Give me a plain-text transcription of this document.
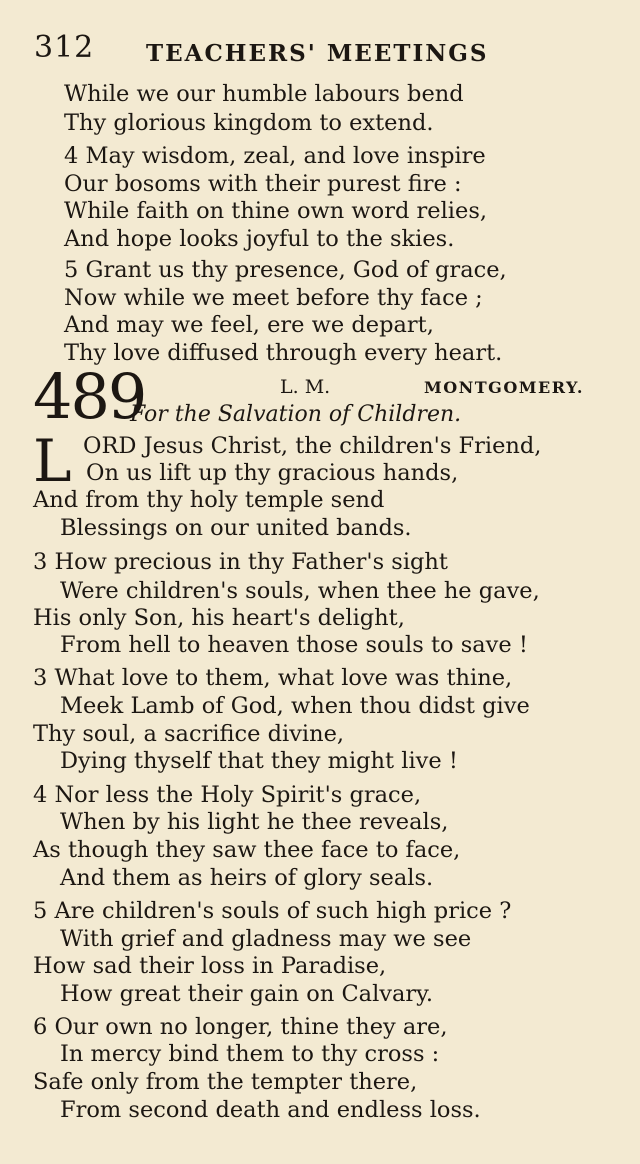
312 TEACHERS' MEETINGS
While we our humble labours bend
Thy glorious kingdom to extend.
4 May wisdom, zeal, and love inspire
Our bosoms with their purest fire :
While faith on thine own word relies,
And hope looks joyful to the skies.
5 Grant us thy presence, God of grace,
Now while we meet before thy face ;
And may we feel, ere we depart,
Thy love diffused through every heart.
489	L. M.	MONTGOMERY.
For the Salvation of Children.
L ORD Jesus Christ, the children's Friend,
On us lift up thy gracious hands,
And from thy holy temple send
Blessings on our united bands.
3 How precious in thy Father's sight
Were children's souls, when thee he gave,
His only Son, his heart's delight,
From hell to heaven those souls to save !
3 What love to them, what love was thine,
Meek Lamb of God, when thou didst give
Thy soul, a sacrifice divine,
Dying thyself that they might live !
4 Nor less the Holy Spirit's grace,
When by his light he thee reveals,
As though they saw thee face to face,
And them as heirs of glory seals.
5 Are children's souls of such high price ?
With grief and gladness may we see
How sad their loss in Paradise,
How great their gain on Calvary.
6 Our own no longer, thine they are,
In mercy bind them to thy cross :
Safe only from the tempter there,
From second death and endless loss.
